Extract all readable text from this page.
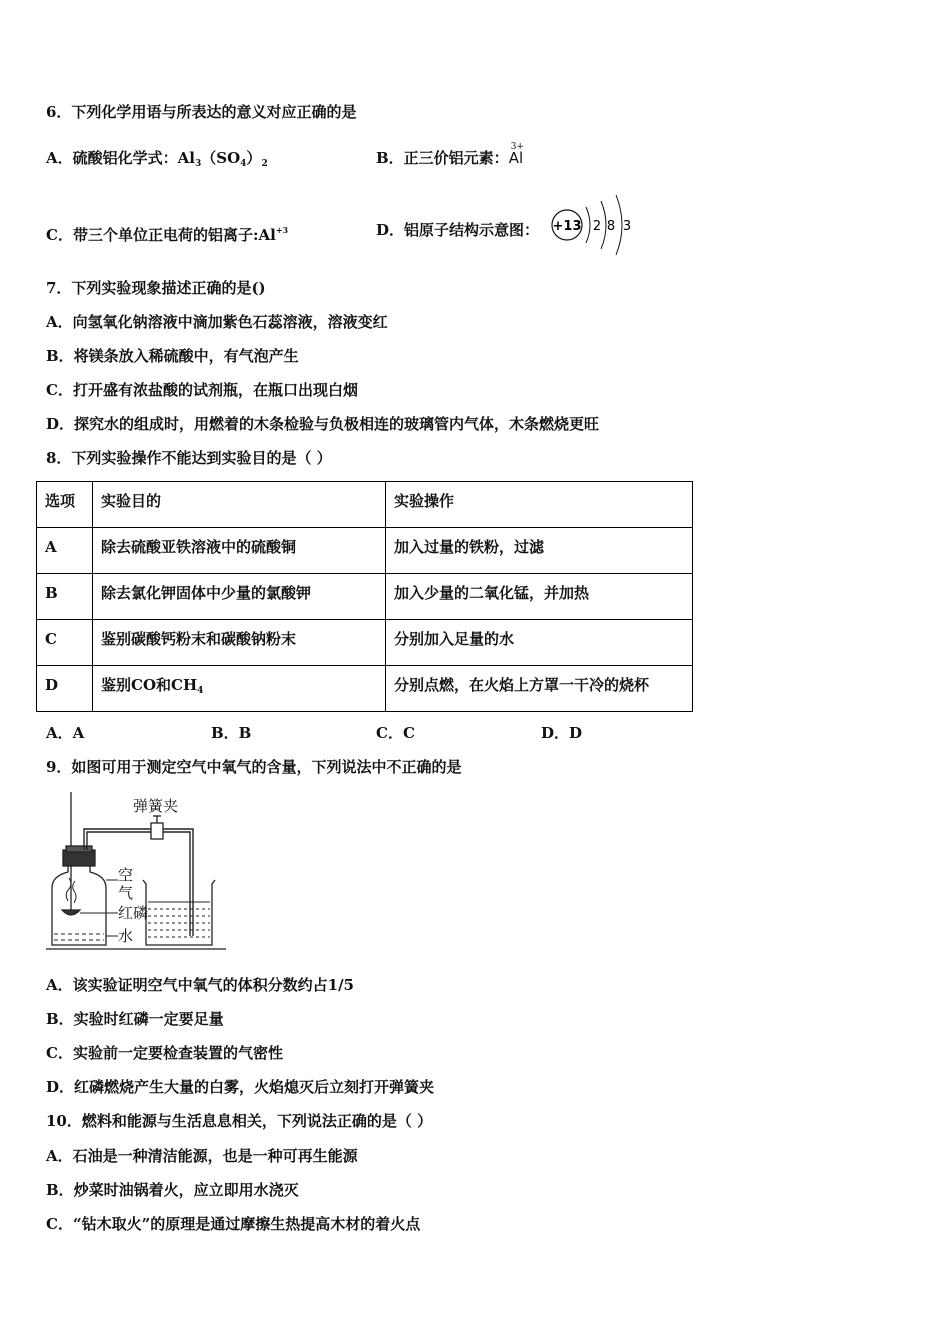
6．下列化学用语与所表达的意义对应正确的是
A．硫酸铝化学式：$Al_3(SO_4)_2$	B．正三价铝元素：
3+
Al
C．带三个单位正电荷的铝离子$:Al^{+3}$	D．铝原子结构示意图： +13 2 8 3
7．下列实验现象描述正确的是()
A．向氢氧化钠溶液中滴加紫色石蕊溶液，溶液变红
B．将镁条放入稀硫酸中，有气泡产生
C．打开盛有浓盐酸的试剂瓶，在瓶口出现白烟
D．探究水的组成时，用燃着的木条检验与负极相连的玻璃管内气体，木条燃烧更旺
8．下列实验操作不能达到实验目的是（ ）
选项	实验目的	实验操作
A	除去硫酸亚铁溶液中的硫酸铜	加入过量的铁粉，过滤
B	除去氯化钾固体中少量的氯酸钾	加入少量的二氧化锰，并加热
C	鉴别碳酸钙粉末和碳酸钠粉末	分别加入足量的水
D	鉴别CO和$CH_4$	分别点燃，在火焰上方罩一干冷的烧杯
A．A	B．B	C．C	D．D
9．如图可用于测定空气中氧气的含量，下列说法中不正确的是
弹簧夹
空
气
红磷
水
A．该实验证明空气中氧气的体积分数约占1/5
B．实验时红磷一定要足量
C．实验前一定要检查装置的气密性
D．红磷燃烧产生大量的白雾，火焰熄灭后立刻打开弹簧夹
10．燃料和能源与生活息息相关，下列说法正确的是（ ）
A．石油是一种清洁能源，也是一种可再生能源
B．炒菜时油锅着火，应立即用水浇灭
C．“钻木取火”的原理是通过摩擦生热提高木材的着火点
